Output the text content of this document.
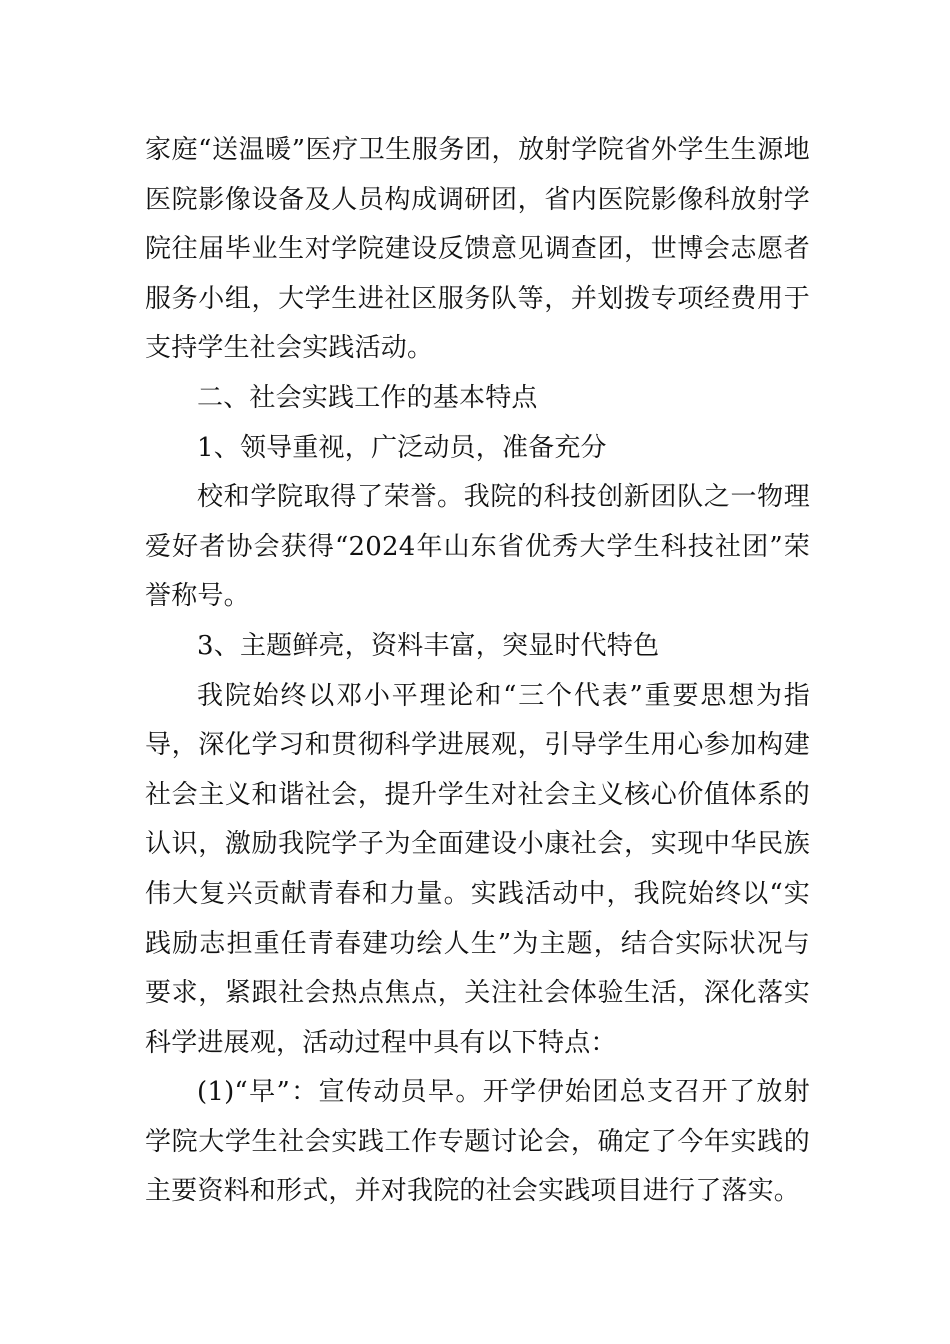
家庭“送温暖”医疗卫生服务团，放射学院省外学生生源地医院影像设备及人员构成调研团，省内医院影像科放射学院往届毕业生对学院建设反馈意见调查团，世博会志愿者服务小组，大学生进社区服务队等，并划拨专项经费用于支持学生社会实践活动。

二、社会实践工作的基本特点

1、领导重视，广泛动员，准备充分

校和学院取得了荣誉。我院的科技创新团队之一物理爱好者协会获得“2024年山东省优秀大学生科技社团”荣誉称号。

3、主题鲜亮，资料丰富，突显时代特色

我院始终以邓小平理论和“三个代表”重要思想为指导，深化学习和贯彻科学进展观，引导学生用心参加构建社会主义和谐社会，提升学生对社会主义核心价值体系的认识，激励我院学子为全面建设小康社会，实现中华民族伟大复兴贡献青春和力量。实践活动中，我院始终以“实践励志担重任青春建功绘人生”为主题，结合实际状况与要求，紧跟社会热点焦点，关注社会体验生活，深化落实科学进展观，活动过程中具有以下特点：

(1)“早”：宣传动员早。开学伊始团总支召开了放射学院大学生社会实践工作专题讨论会，确定了今年实践的主要资料和形式，并对我院的社会实践项目进行了落实。
